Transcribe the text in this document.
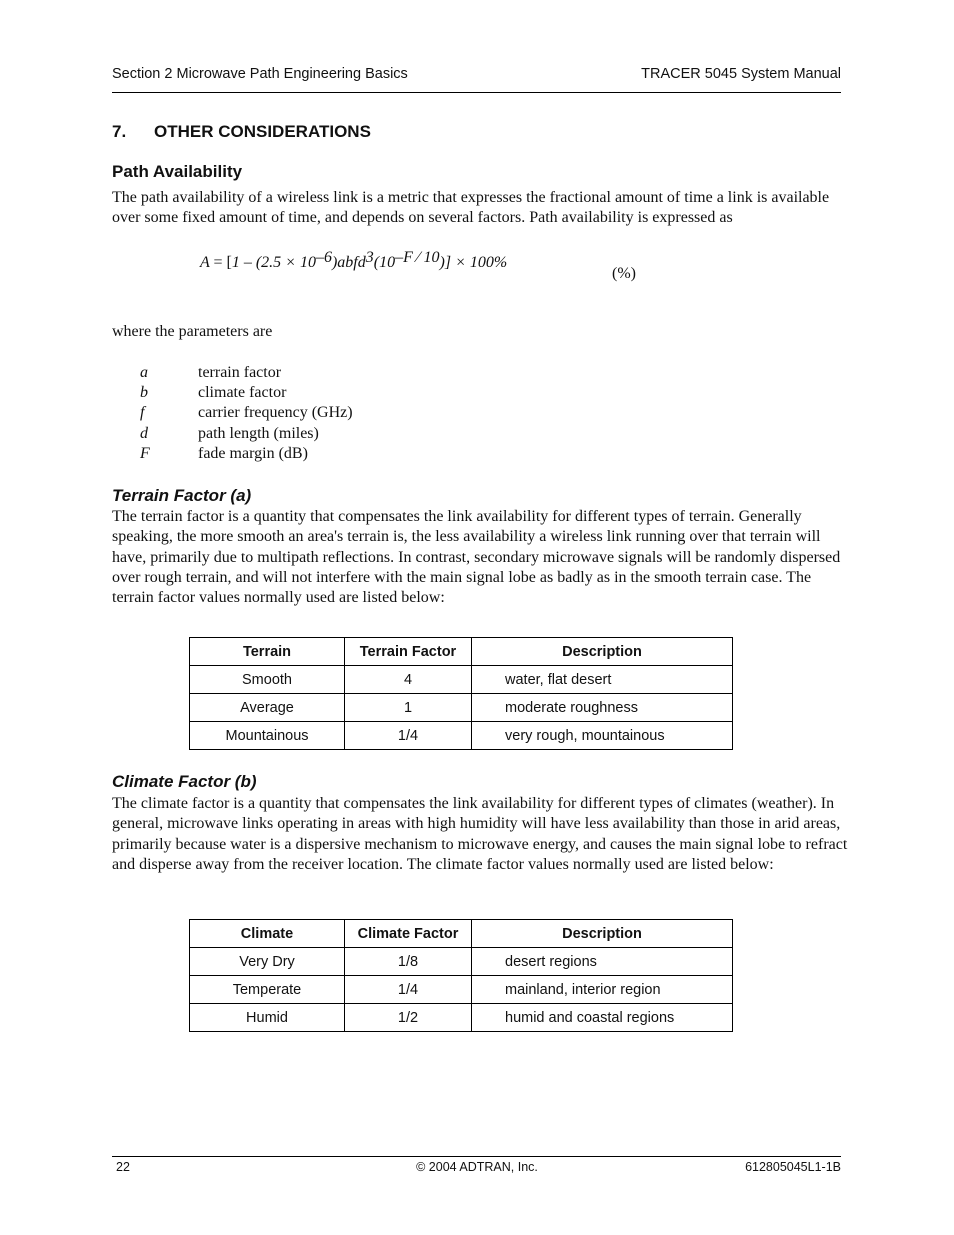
Section 2 Microwave Path Engineering Basics	TRACER 5045 System Manual
7. OTHER CONSIDERATIONS
Path Availability

The path availability of a wireless link is a metric that expresses the fractional amount of time a link is available over some fixed amount of time, and depends on several factors. Path availability is expressed as

$A = [1 - (2.5 \times 10^{-6})abfd^3(10^{-F ⁄ 10})] \times 100\%$
(%)

where the parameters are

a	terrain factor
b	climate factor
f	carrier frequency (GHz)
d	path length (miles)
F	fade margin (dB)
Terrain Factor (a)

The terrain factor is a quantity that compensates the link availability for different types of terrain. Generally speaking, the more smooth an area's terrain is, the less availability a wireless link running over that terrain will have, primarily due to multipath reflections. In contrast, secondary microwave signals will be randomly dispersed over rough terrain, and will not interfere with the main signal lobe as badly as in the smooth terrain case. The terrain factor values normally used are listed below:

Terrain	Terrain Factor	Description
Smooth	4	water, flat desert
Average	1	moderate roughness
Mountainous	1/4	very rough, mountainous
Climate Factor (b)

The climate factor is a quantity that compensates the link availability for different types of climates (weather). In general, microwave links operating in areas with high humidity will have less availability than those in arid areas, primarily because water is a dispersive mechanism to microwave energy, and causes the main signal lobe to refract and disperse away from the receiver location. The climate factor values normally used are listed below:

Climate	Climate Factor	Description
Very Dry	1/8	desert regions
Temperate	1/4	mainland, interior region
Humid	1/2	humid and coastal regions
22	© 2004 ADTRAN, Inc.	612805045L1-1B
